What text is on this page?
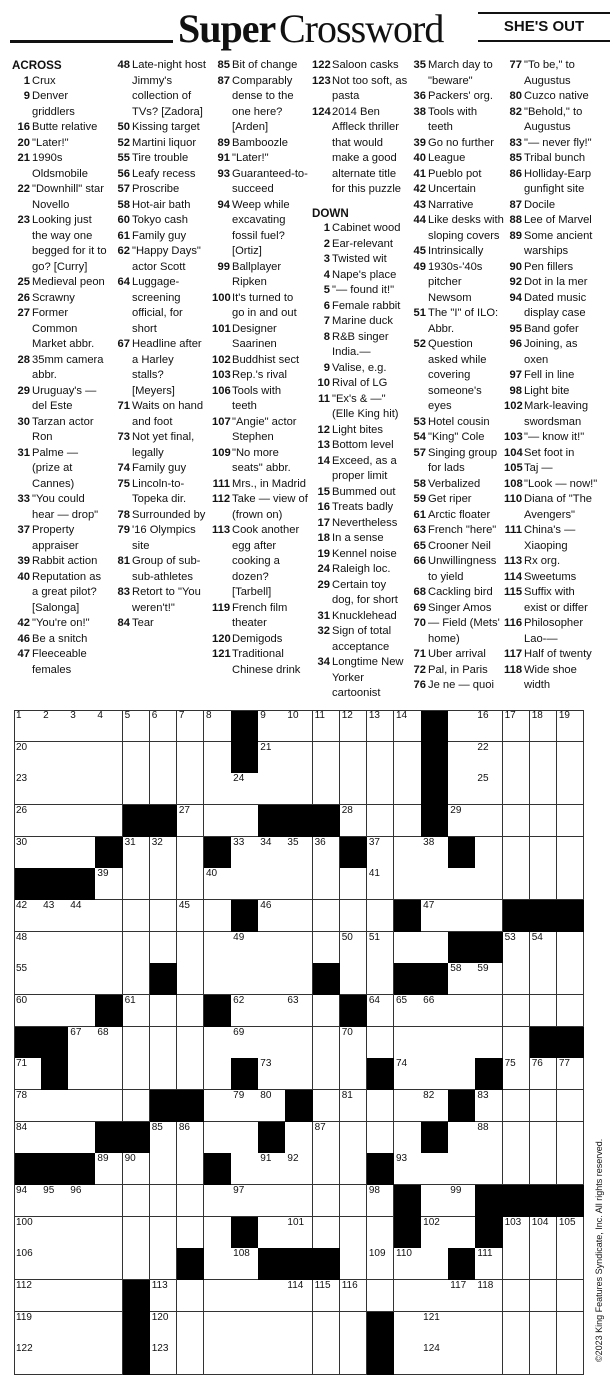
Super Crossword	SHE'S OUT
ACROSS
1 Crux
9 Denver griddlers
16 Butte relative
20 "Later!"
21 1990s Oldsmobile
22 "Downhill" star Novello
23 Looking just the way one begged for it to go? [Curry]
25 Medieval peon
26 Scrawny
27 Former Common Market abbr.
28 35mm camera abbr.
29 Uruguay's — del Este
30 Tarzan actor Ron
31 Palme — (prize at Cannes)
33 "You could hear — drop"
37 Property appraiser
39 Rabbit action
40 Reputation as a great pilot? [Salonga]
42 "You're on!"
46 Be a snitch
47 Fleeceable females
48 Late-night host Jimmy's collection of TVs? [Zadora]
50 Kissing target
52 Martini liquor
55 Tire trouble
56 Leafy recess
57 Proscribe
58 Hot-air bath
60 Tokyo cash
61 Family guy
62 "Happy Days" actor Scott
64 Luggage-screening official, for short
67 Headline after a Harley stalls? [Meyers]
71 Waits on hand and foot
73 Not yet final, legally
74 Family guy
75 Lincoln-to-Topeka dir.
78 Surrounded by
79 '16 Olympics site
81 Group of sub-sub-athletes
83 Retort to "You weren't!"
84 Tear
85 Bit of change
87 Comparably dense to the one here? [Arden]
89 Bamboozle
91 "Later!"
93 Guaranteed-to-succeed
94 Weep while excavating fossil fuel? [Ortiz]
99 Ballplayer Ripken
100 It's turned to go in and out
101 Designer Saarinen
102 Buddhist sect
103 Rep.'s rival
106 Tools with teeth
107 "Angie" actor Stephen
109 "No more seats" abbr.
111 Mrs., in Madrid
112 Take — view of (frown on)
113 Cook another egg after cooking a dozen? [Tarbell]
119 French film theater
120 Demigods
121 Traditional Chinese drink
122 Saloon casks
123 Not too soft, as pasta
124 2014 Ben Affleck thriller that would make a good alternate title for this puzzle
DOWN
1 Cabinet wood
2 Ear-relevant
3 Twisted wit
4 Nape's place
5 "— found it!"
6 Female rabbit
7 Marine duck
8 R&B singer India.—
9 Valise, e.g.
10 Rival of LG
11 "Ex's & —" (Elle King hit)
12 Light bites
13 Bottom level
14 Exceed, as a proper limit
15 Bummed out
16 Treats badly
17 Nevertheless
18 In a sense
19 Kennel noise
24 Raleigh loc.
29 Certain toy dog, for short
31 Knucklehead
32 Sign of total acceptance
34 Longtime New Yorker cartoonist
35 March day to "beware"
36 Packers' org.
38 Tools with teeth
39 Go no further
40 League
41 Pueblo pot
42 Uncertain
43 Narrative
44 Like desks with sloping covers
45 Intrinsically
49 1930s-'40s pitcher Newsom
51 The "I" of ILO: Abbr.
52 Question asked while covering someone's eyes
53 Hotel cousin
54 "King" Cole
57 Singing group for lads
58 Verbalized
59 Get riper
61 Arctic floater
63 French "here"
65 Crooner Neil
66 Unwillingness to yield
68 Cackling bird
69 Singer Amos
70 — Field (Mets' home)
71 Uber arrival
72 Pal, in Paris
76 Je ne — quoi
77 "To be," to Augustus
80 Cuzco native
82 "Behold," to Augustus
83 "— never fly!"
85 Tribal bunch
86 Holliday-Earp gunfight site
87 Docile
88 Lee of Marvel
89 Some ancient warships
90 Pen fillers
92 Dot in la mer
94 Dated music display case
95 Band gofer
96 Joining, as oxen
97 Fell in line
98 Light bite
102 Mark-leaving swordsman
103 "— know it!"
104 Set foot in
105 Taj —
108 "Look — now!"
110 Diana of "The Avengers"
111 China's — Xiaoping
113 Rx org.
114 Sweetums
115 Suffix with exist or differ
116 Philosopher Lao-—
117 Half of twenty
118 Wide shoe width
1 2 3 4 5 6 7 8	9 10 11 12 13 14	16 17 18 19
20	21	22
23	24	25
26	27	28	29
30	31 32	33 34 35 36	37	38
39	40	41
42 43 44	45	46	47
48	49	50 51	53 54
55	58 59
60	61	62	63	64 65 66
67 68	69	70
71	73	74	75 76 77
78	79 80	81	82	83
84	85 86	87	88
89 90	91 92	93
94 95 96	97	98	99
100	101	102	103 104 105
106	108	109 110	111
112	113	114 115 116	117 118
119	120	121
122	123	124	©2023 King Features Syndicate, Inc. All rights reserved.
